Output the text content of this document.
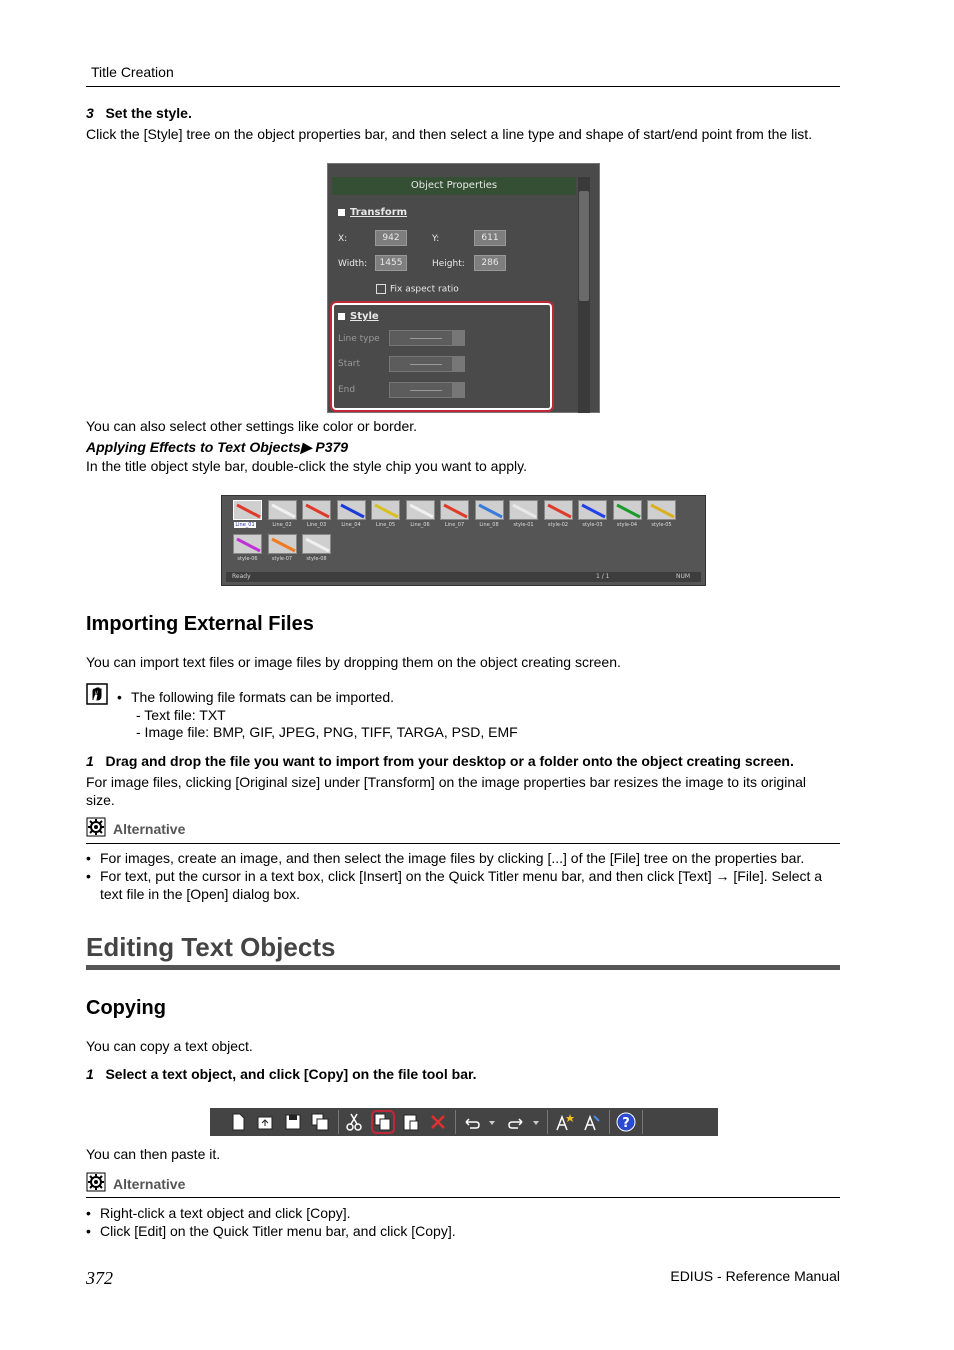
Title Creation
3 Set the style.
Click the [Style] tree on the object properties bar, and then select a line type and shape of start/end point from the list.
Object Properties
Transform
X:	942	Y:	611
Width:	1455	Height:	286
Fix aspect ratio
Style
Line type
Start
End
You can also select other settings like color or border.
Applying Effects to Text Objects▶ P379
In the title object style bar, double-click the style chip you want to apply.
Ready	1 / 1	NUM
Line_01	Line_02	Line_03	Line_04	Line_05	Line_06	Line_07	Line_08	style-01	style-02	style-03	style-04	style-05
style-06	style-07	style-08
Importing External Files
You can import text files or image files by dropping them on the object creating screen.
• The following file formats can be imported.
- Text file: TXT
- Image file: BMP, GIF, JPEG, PNG, TIFF, TARGA, PSD, EMF
1 Drag and drop the file you want to import from your desktop or a folder onto the object creating screen.
For image files, clicking [Original size] under [Transform] on the image properties bar resizes the image to its original size.
Alternative
• For images, create an image, and then select the image files by clicking [...] of the [File] tree on the properties bar.
• For text, put the cursor in a text box, click [Insert] on the Quick Titler menu bar, and then click [Text] → [File]. Select a text file in the [Open] dialog box.
Editing Text Objects
Copying
You can copy a text object.
1 Select a text object, and click [Copy] on the file tool bar.
?
You can then paste it.
Alternative
• Right-click a text object and click [Copy].
• Click [Edit] on the Quick Titler menu bar, and click [Copy].
372	EDIUS - Reference Manual
